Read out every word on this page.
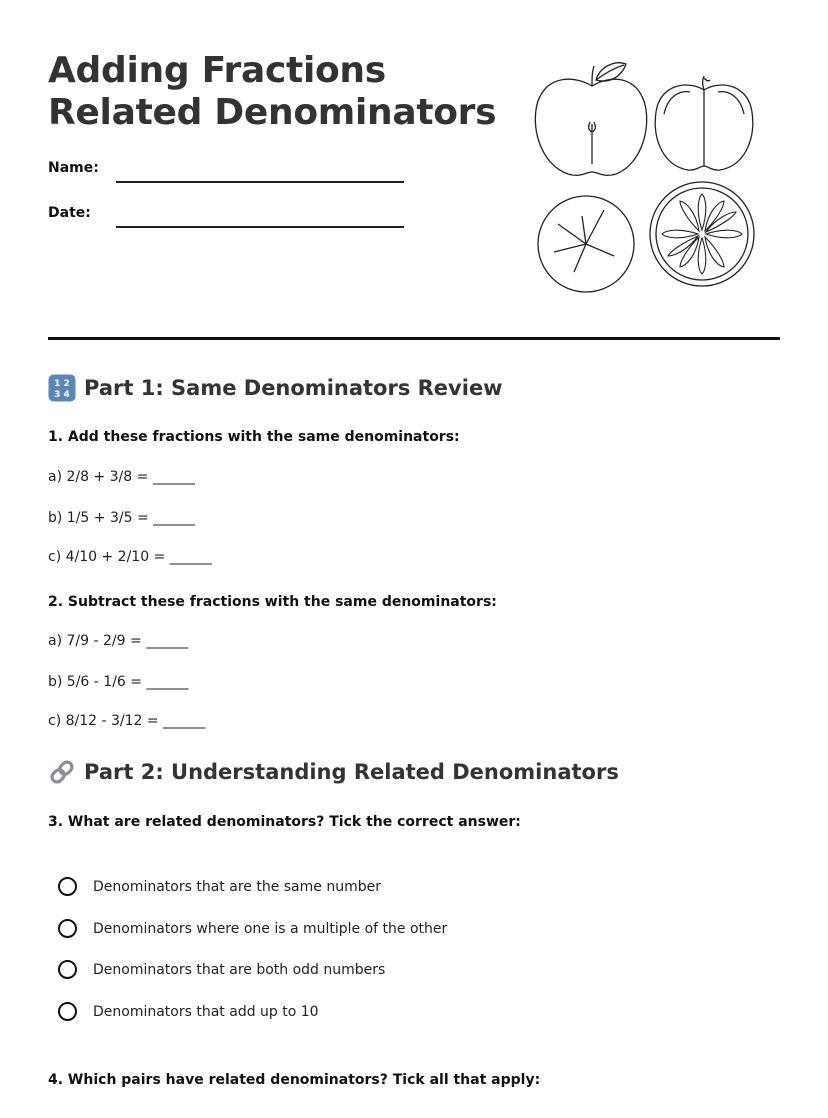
Adding Fractions
Related Denominators
Name:
Date:
1 2
3 4 Part 1: Same Denominators Review
1. Add these fractions with the same denominators:
a) 2/8 + 3/8 = ______
b) 1/5 + 3/5 = ______
c) 4/10 + 2/10 = ______
2. Subtract these fractions with the same denominators:
a) 7/9 - 2/9 = ______
b) 5/6 - 1/6 = ______
c) 8/12 - 3/12 = ______
Part 2: Understanding Related Denominators
3. What are related denominators? Tick the correct answer:
Denominators that are the same number
Denominators where one is a multiple of the other
Denominators that are both odd numbers
Denominators that add up to 10
4. Which pairs have related denominators? Tick all that apply:
